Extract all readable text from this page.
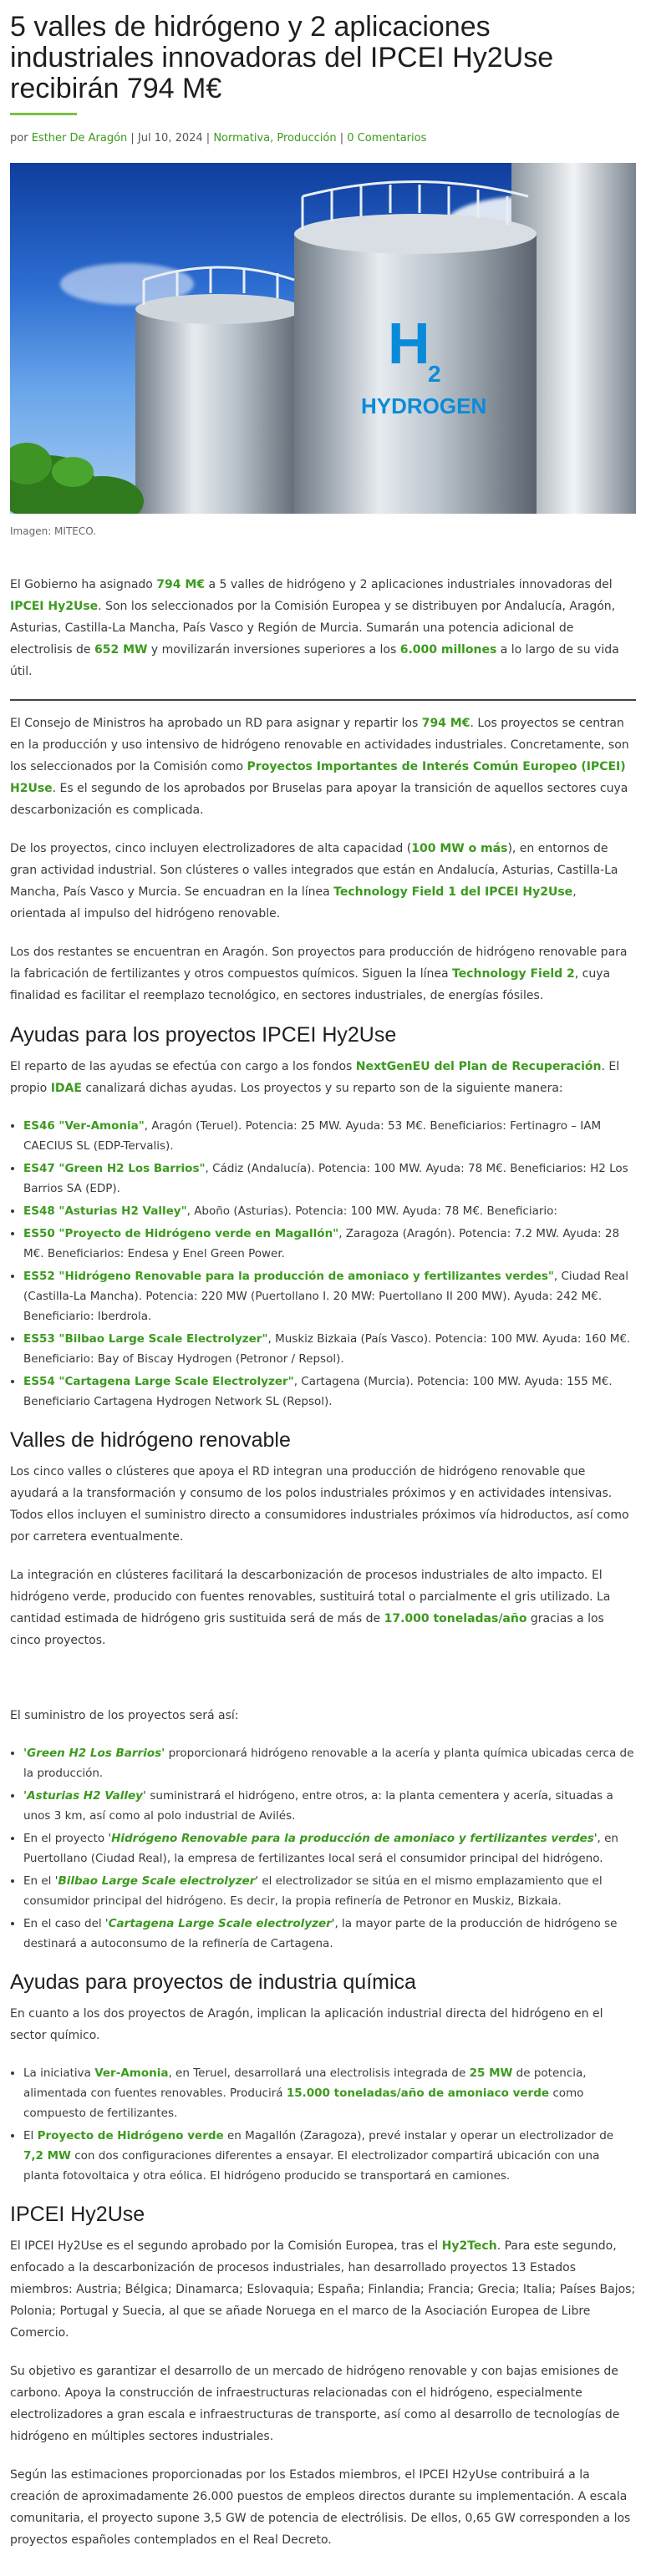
5 valles de hidrógeno y 2 aplicaciones industriales innovadoras del IPCEI Hy2Use recibirán 794 M€
por Esther De Aragón | Jul 10, 2024 | Normativa, Producción | 0 Comentarios
H
2
HYDROGEN
Imagen: MITECO.

El Gobierno ha asignado 794 M€ a 5 valles de hidrógeno y 2 aplicaciones industriales innovadoras del IPCEI Hy2Use. Son los seleccionados por la Comisión Europea y se distribuyen por Andalucía, Aragón, Asturias, Castilla-La Mancha, País Vasco y Región de Murcia. Sumarán una potencia adicional de electrolisis de 652 MW y movilizarán inversiones superiores a los 6.000 millones a lo largo de su vida útil.

El Consejo de Ministros ha aprobado un RD para asignar y repartir los 794 M€. Los proyectos se centran en la producción y uso intensivo de hidrógeno renovable en actividades industriales. Concretamente, son los seleccionados por la Comisión como Proyectos Importantes de Interés Común Europeo (IPCEI) H2Use. Es el segundo de los aprobados por Bruselas para apoyar la transición de aquellos sectores cuya descarbonización es complicada.

De los proyectos, cinco incluyen electrolizadores de alta capacidad (100 MW o más), en entornos de gran actividad industrial. Son clústeres o valles integrados que están en Andalucía, Asturias, Castilla-La Mancha, País Vasco y Murcia. Se encuadran en la línea Technology Field 1 del IPCEI Hy2Use, orientada al impulso del hidrógeno renovable.

Los dos restantes se encuentran en Aragón. Son proyectos para producción de hidrógeno renovable para la fabricación de fertilizantes y otros compuestos químicos. Siguen la línea Technology Field 2, cuya finalidad es facilitar el reemplazo tecnológico, en sectores industriales, de energías fósiles.

Ayudas para los proyectos IPCEI Hy2Use

El reparto de las ayudas se efectúa con cargo a los fondos NextGenEU del Plan de Recuperación. El propio IDAE canalizará dichas ayudas. Los proyectos y su reparto son de la siguiente manera:

• ES46 "Ver-Amonia", Aragón (Teruel). Potencia: 25 MW. Ayuda: 53 M€. Beneficiarios: Fertinagro – IAM CAECIUS SL (EDP-Tervalis).
• ES47 "Green H2 Los Barrios", Cádiz (Andalucía). Potencia: 100 MW. Ayuda: 78 M€. Beneficiarios: H2 Los Barrios SA (EDP).
• ES48 "Asturias H2 Valley", Aboño (Asturias). Potencia: 100 MW. Ayuda: 78 M€. Beneficiario:
• ES50 "Proyecto de Hidrógeno verde en Magallón", Zaragoza (Aragón). Potencia: 7.2 MW. Ayuda: 28 M€. Beneficiarios: Endesa y Enel Green Power.
• ES52 "Hidrógeno Renovable para la producción de amoniaco y fertilizantes verdes", Ciudad Real (Castilla-La Mancha). Potencia: 220 MW (Puertollano I. 20 MW: Puertollano II 200 MW). Ayuda: 242 M€. Beneficiario: Iberdrola.
• ES53 "Bilbao Large Scale Electrolyzer", Muskiz Bizkaia (País Vasco). Potencia: 100 MW. Ayuda: 160 M€. Beneficiario: Bay of Biscay Hydrogen (Petronor / Repsol).
• ES54 "Cartagena Large Scale Electrolyzer", Cartagena (Murcia). Potencia: 100 MW. Ayuda: 155 M€. Beneficiario Cartagena Hydrogen Network SL (Repsol).
Valles de hidrógeno renovable

Los cinco valles o clústeres que apoya el RD integran una producción de hidrógeno renovable que ayudará a la transformación y consumo de los polos industriales próximos y en actividades intensivas. Todos ellos incluyen el suministro directo a consumidores industriales próximos vía hidroductos, así como por carretera eventualmente.

La integración en clústeres facilitará la descarbonización de procesos industriales de alto impacto. El hidrógeno verde, producido con fuentes renovables, sustituirá total o parcialmente el gris utilizado. La cantidad estimada de hidrógeno gris sustituida será de más de 17.000 toneladas/año gracias a los cinco proyectos.

El suministro de los proyectos será así:

• 'Green H2 Los Barrios' proporcionará hidrógeno renovable a la acería y planta química ubicadas cerca de la producción.
• 'Asturias H2 Valley' suministrará el hidrógeno, entre otros, a: la planta cementera y acería, situadas a unos 3 km, así como al polo industrial de Avilés.
• En el proyecto 'Hidrógeno Renovable para la producción de amoniaco y fertilizantes verdes', en Puertollano (Ciudad Real), la empresa de fertilizantes local será el consumidor principal del hidrógeno.
• En el 'Bilbao Large Scale electrolyzer' el electrolizador se sitúa en el mismo emplazamiento que el consumidor principal del hidrógeno. Es decir, la propia refinería de Petronor en Muskiz, Bizkaia.
• En el caso del 'Cartagena Large Scale electrolyzer', la mayor parte de la producción de hidrógeno se destinará a autoconsumo de la refinería de Cartagena.
Ayudas para proyectos de industria química

En cuanto a los dos proyectos de Aragón, implican la aplicación industrial directa del hidrógeno en el sector químico.

• La iniciativa Ver-Amonia, en Teruel, desarrollará una electrolisis integrada de 25 MW de potencia, alimentada con fuentes renovables. Producirá 15.000 toneladas/año de amoniaco verde como compuesto de fertilizantes.
• El Proyecto de Hidrógeno verde en Magallón (Zaragoza), prevé instalar y operar un electrolizador de 7,2 MW con dos configuraciones diferentes a ensayar. El electrolizador compartirá ubicación con una planta fotovoltaica y otra eólica. El hidrógeno producido se transportará en camiones.
IPCEI Hy2Use

El IPCEI Hy2Use es el segundo aprobado por la Comisión Europea, tras el Hy2Tech. Para este segundo, enfocado a la descarbonización de procesos industriales, han desarrollado proyectos 13 Estados miembros: Austria; Bélgica; Dinamarca; Eslovaquia; España; Finlandia; Francia; Grecia; Italia; Países Bajos; Polonia; Portugal y Suecia, al que se añade Noruega en el marco de la Asociación Europea de Libre Comercio.

Su objetivo es garantizar el desarrollo de un mercado de hidrógeno renovable y con bajas emisiones de carbono. Apoya la construcción de infraestructuras relacionadas con el hidrógeno, especialmente electrolizadores a gran escala e infraestructuras de transporte, así como al desarrollo de tecnologías de hidrógeno en múltiples sectores industriales.

Según las estimaciones proporcionadas por los Estados miembros, el IPCEI H2yUse contribuirá a la creación de aproximadamente 26.000 puestos de empleos directos durante su implementación. A escala comunitaria, el proyecto supone 3,5 GW de potencia de electrólisis. De ellos, 0,65 GW corresponden a los proyectos españoles contemplados en el Real Decreto.
